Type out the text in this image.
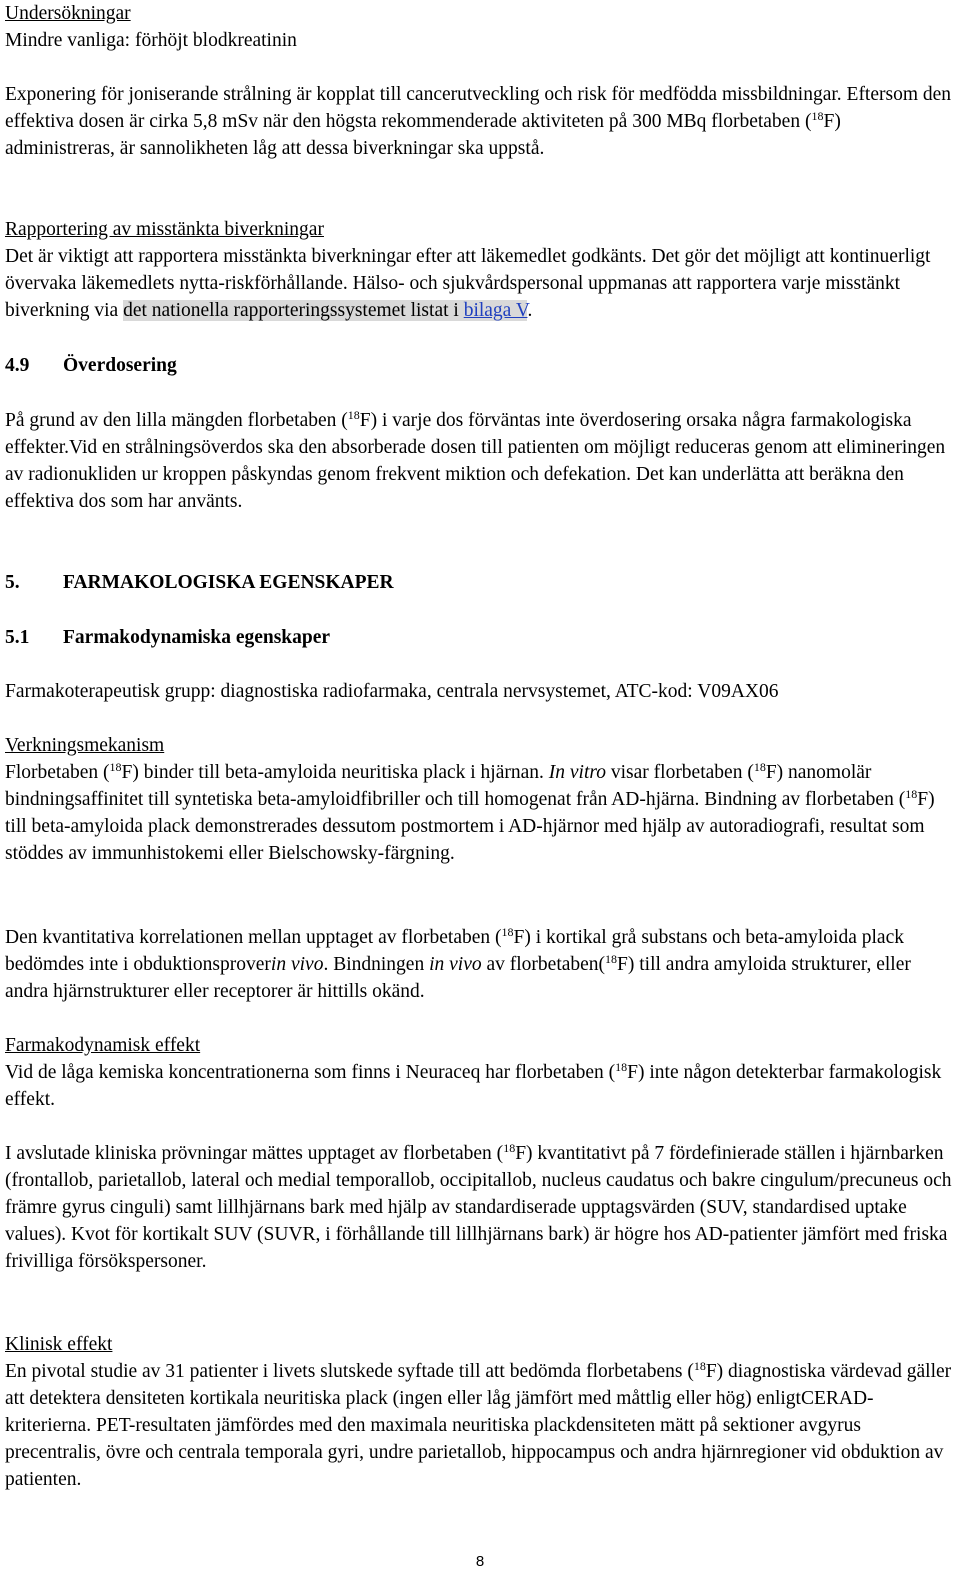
Undersökningar

Mindre vanliga: förhöjt blodkreatinin

Exponering för joniserande strålning är kopplat till cancerutveckling och risk för medfödda missbildningar. Eftersom den effektiva dosen är cirka 5,8 mSv när den högsta rekommenderade aktiviteten på 300 MBq florbetaben ($^{18}$F) administreras, är sannolikheten låg att dessa biverkningar ska uppstå.

Rapportering av misstänkta biverkningar

Det är viktigt att rapportera misstänkta biverkningar efter att läkemedlet godkänts. Det gör det möjligt att kontinuerligt övervaka läkemedlets nytta-riskförhållande. Hälso- och sjukvårdspersonal uppmanas att rapportera varje misstänkt biverkning via det nationella rapporteringssystemet listat i bilaga V.

4.9 Överdosering

På grund av den lilla mängden florbetaben ($^{18}$F) i varje dos förväntas inte överdosering orsaka några farmakologiska effekter.Vid en strålningsöverdos ska den absorberade dosen till patienten om möjligt reduceras genom att elimineringen av radionukliden ur kroppen påskyndas genom frekvent miktion och defekation. Det kan underlätta att beräkna den effektiva dos som har använts.

5. FARMAKOLOGISKA EGENSKAPER
5.1 Farmakodynamiska egenskaper

Farmakoterapeutisk grupp: diagnostiska radiofarmaka, centrala nervsystemet, ATC-kod: V09AX06

Verkningsmekanism

Florbetaben ($^{18}$F) binder till beta-amyloida neuritiska plack i hjärnan. In vitro visar florbetaben ($^{18}$F) nanomolär bindningsaffinitet till syntetiska beta-amyloidfibriller och till homogenat från AD-hjärna. Bindning av florbetaben ($^{18}$F) till beta-amyloida plack demonstrerades dessutom postmortem i AD-hjärnor med hjälp av autoradiografi, resultat som stöddes av immunhistokemi eller Bielschowsky-färgning.

Den kvantitativa korrelationen mellan upptaget av florbetaben ($^{18}$F) i kortikal grå substans och beta-amyloida plack bedömdes inte i obduktionsproverin vivo. Bindningen in vivo av florbetaben($^{18}$F) till andra amyloida strukturer, eller andra hjärnstrukturer eller receptorer är hittills okänd.

Farmakodynamisk effekt

Vid de låga kemiska koncentrationerna som finns i Neuraceq har florbetaben ($^{18}$F) inte någon detekterbar farmakologisk effekt.

I avslutade kliniska prövningar mättes upptaget av florbetaben ($^{18}$F) kvantitativt på 7 fördefinierade ställen i hjärnbarken (frontallob, parietallob, lateral och medial temporallob, occipitallob, nucleus caudatus och bakre cingulum/precuneus och främre gyrus cinguli) samt lillhjärnans bark med hjälp av standardiserade upptagsvärden (SUV, standardised uptake values). Kvot för kortikalt SUV (SUVR, i förhållande till lillhjärnans bark) är högre hos AD-patienter jämfört med friska frivilliga försökspersoner.

Klinisk effekt

En pivotal studie av 31 patienter i livets slutskede syftade till att bedömda florbetabens ($^{18}$F) diagnostiska värdevad gäller att detektera densiteten kortikala neuritiska plack (ingen eller låg jämfört med måttlig eller hög) enligtCERAD-kriterierna. PET-resultaten jämfördes med den maximala neuritiska plackdensiteten mätt på sektioner avgyrus precentralis, övre och centrala temporala gyri, undre parietallob, hippocampus och andra hjärnregioner vid obduktion av patienten.

8
